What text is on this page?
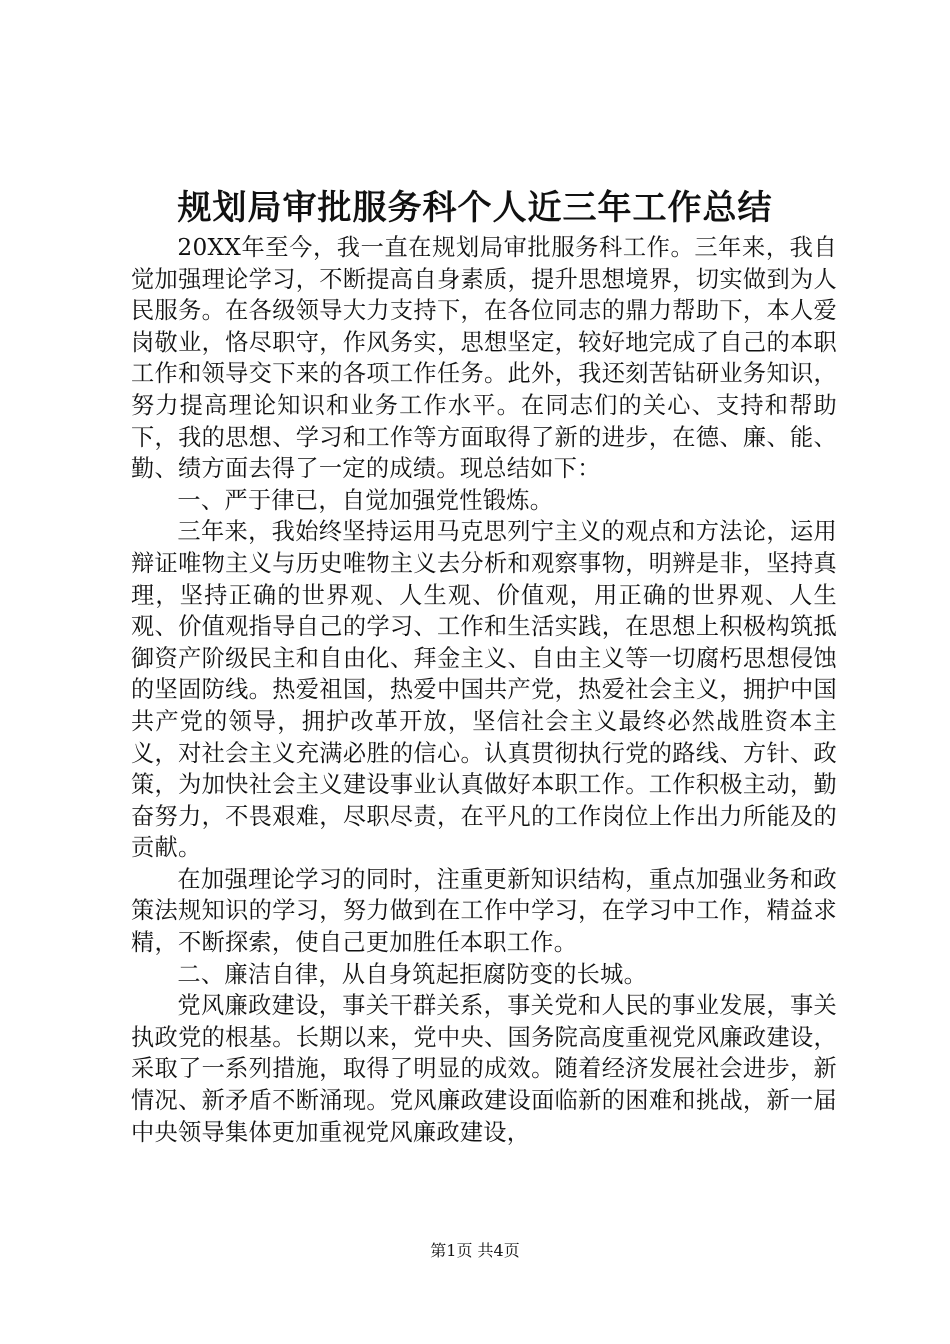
规划局审批服务科个人近三年工作总结

20XX年至今，我一直在规划局审批服务科工作。三年来，我自觉加强理论学习，不断提高自身素质，提升思想境界，切实做到为人民服务。在各级领导大力支持下，在各位同志的鼎力帮助下，本人爱岗敬业，恪尽职守，作风务实，思想坚定，较好地完成了自己的本职工作和领导交下来的各项工作任务。此外，我还刻苦钻研业务知识，努力提高理论知识和业务工作水平。在同志们的关心、支持和帮助下，我的思想、学习和工作等方面取得了新的进步，在德、廉、能、勤、绩方面去得了一定的成绩。现总结如下：

一、严于律已，自觉加强党性锻炼。

三年来，我始终坚持运用马克思列宁主义的观点和方法论，运用辩证唯物主义与历史唯物主义去分析和观察事物，明辨是非，坚持真理，坚持正确的世界观、人生观、价值观，用正确的世界观、人生观、价值观指导自己的学习、工作和生活实践，在思想上积极构筑抵御资产阶级民主和自由化、拜金主义、自由主义等一切腐朽思想侵蚀的坚固防线。热爱祖国，热爱中国共产党，热爱社会主义，拥护中国共产党的领导，拥护改革开放，坚信社会主义最终必然战胜资本主义，对社会主义充满必胜的信心。认真贯彻执行党的路线、方针、政策，为加快社会主义建设事业认真做好本职工作。工作积极主动，勤奋努力，不畏艰难，尽职尽责，在平凡的工作岗位上作出力所能及的贡献。

在加强理论学习的同时，注重更新知识结构，重点加强业务和政策法规知识的学习，努力做到在工作中学习，在学习中工作，精益求精，不断探索，使自己更加胜任本职工作。

二、廉洁自律，从自身筑起拒腐防变的长城。

党风廉政建设，事关干群关系，事关党和人民的事业发展，事关执政党的根基。长期以来，党中央、国务院高度重视党风廉政建设，采取了一系列措施，取得了明显的成效。随着经济发展社会进步，新情况、新矛盾不断涌现。党风廉政建设面临新的困难和挑战，新一届中央领导集体更加重视党风廉政建设，

第1页 共4页
